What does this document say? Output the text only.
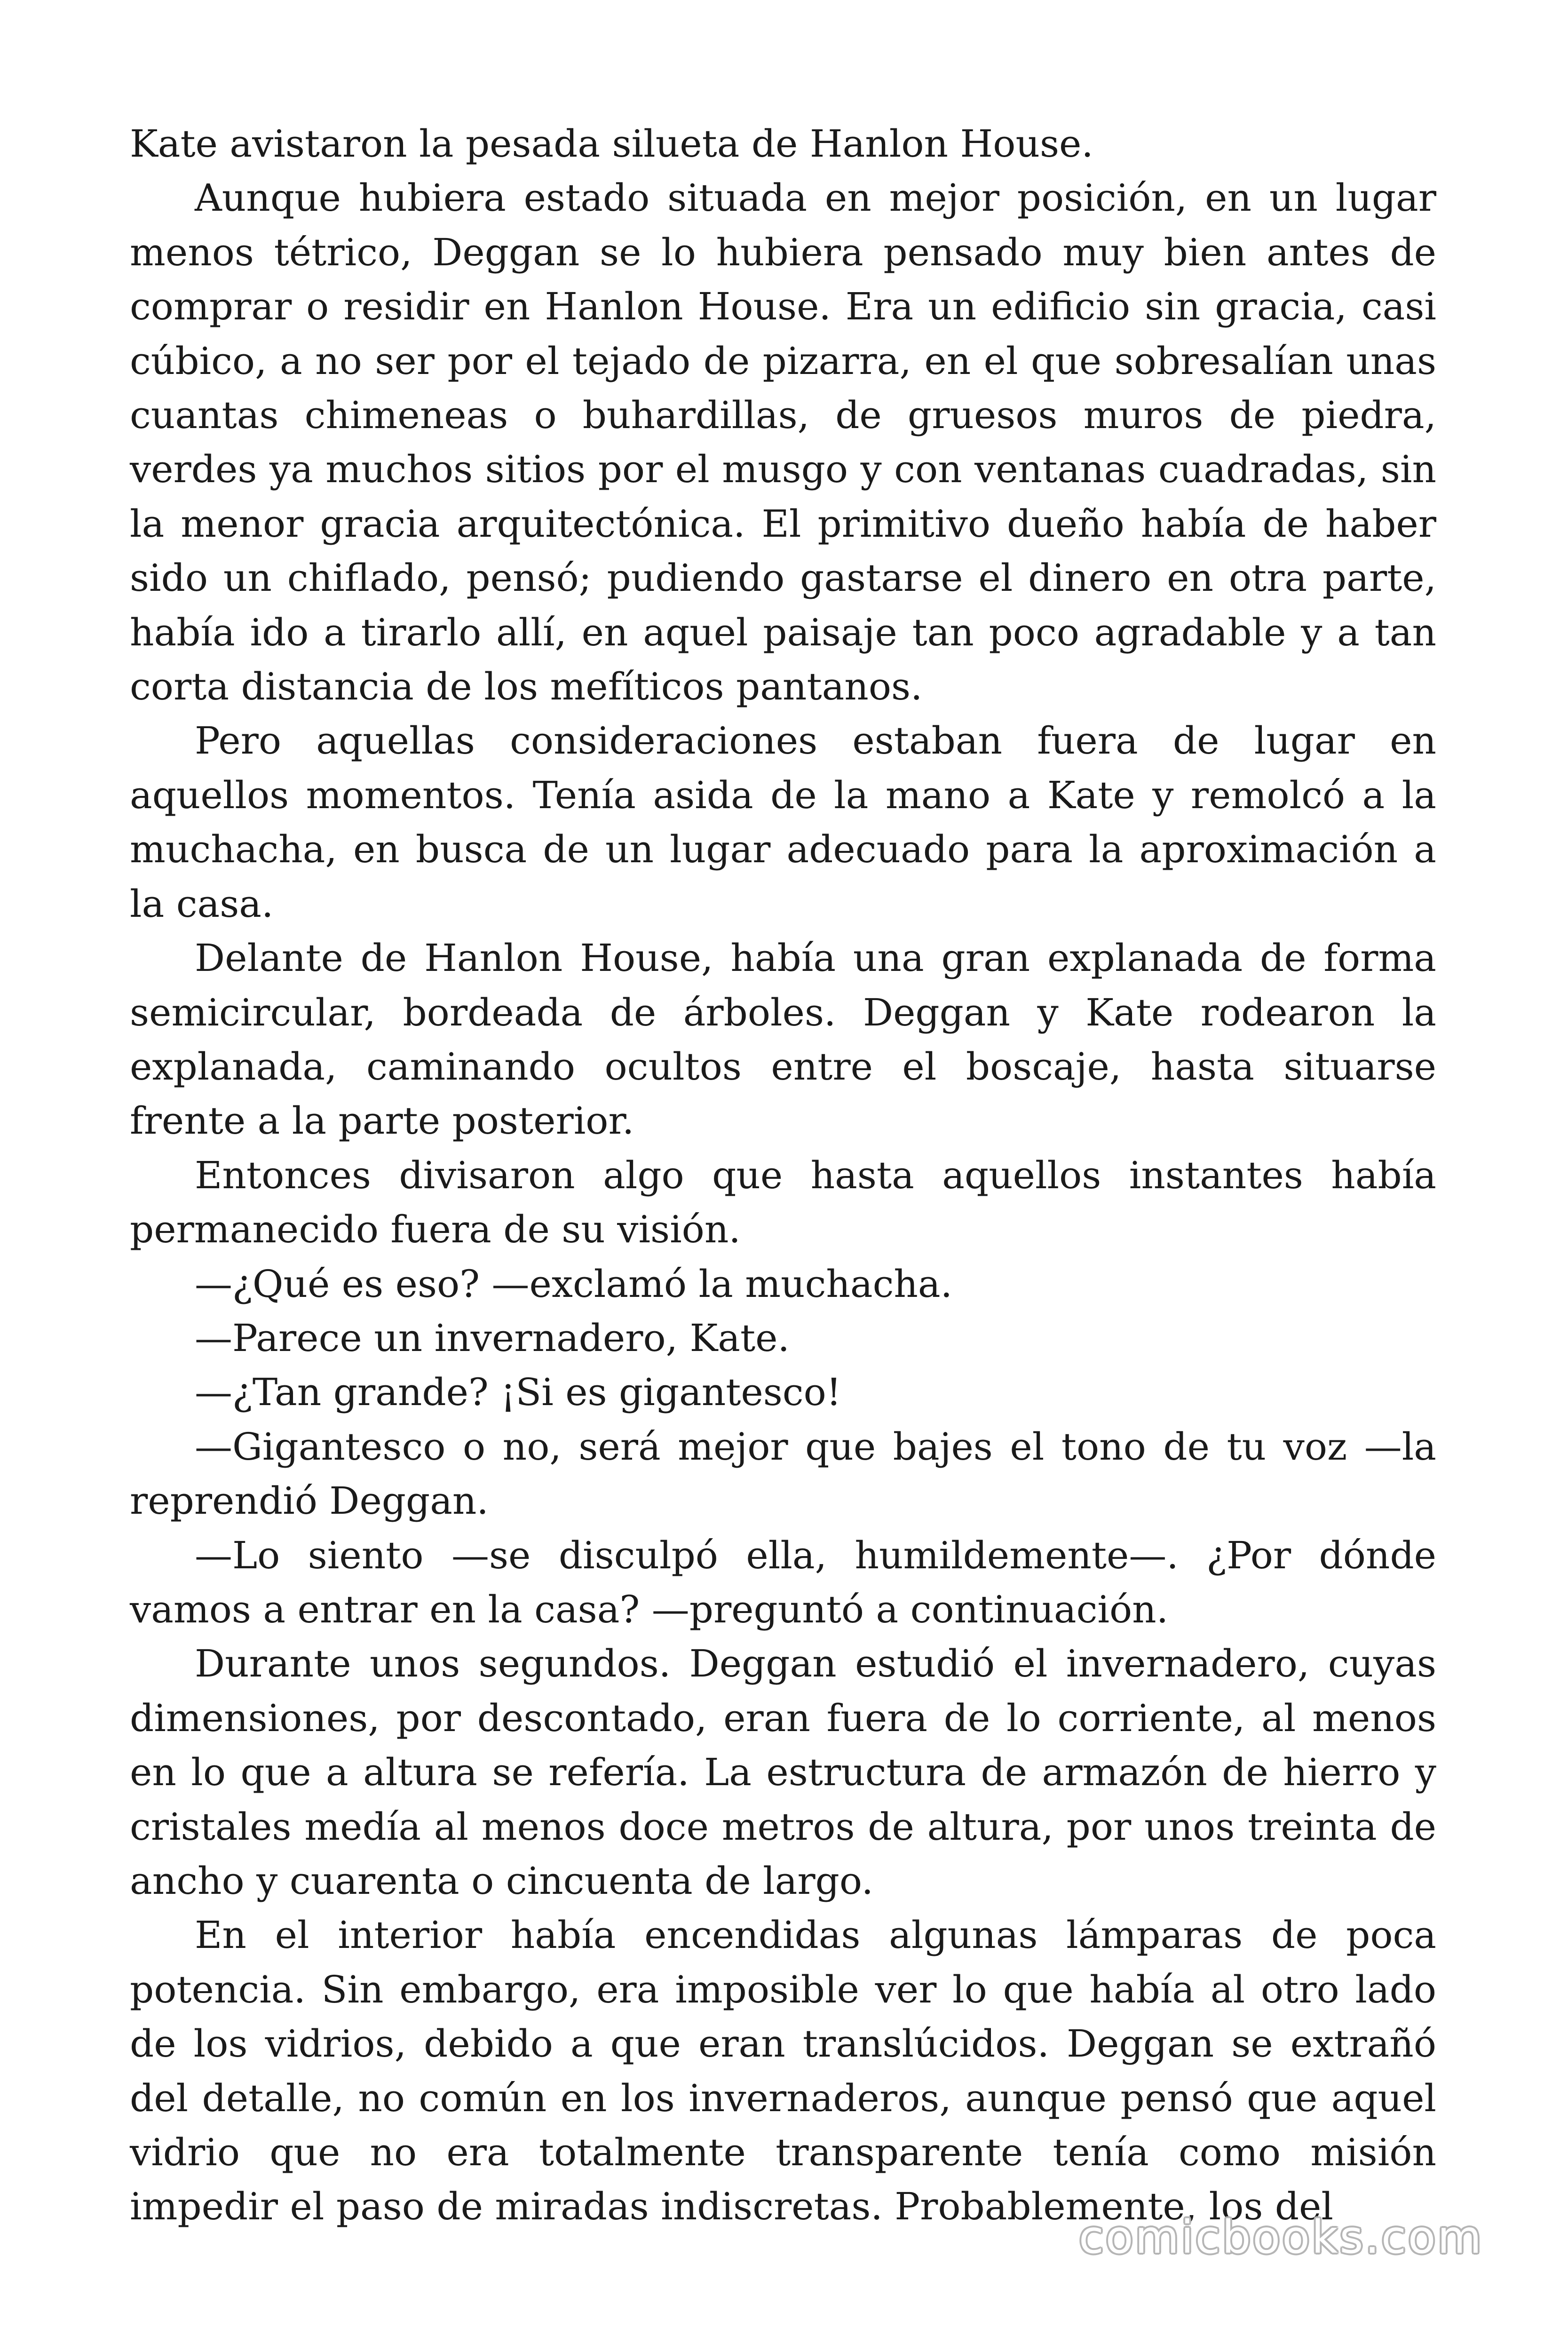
Kate avistaron la pesada silueta de Hanlon House.

Aunque hubiera estado situada en mejor posición, en un lugar menos tétrico, Deggan se lo hubiera pensado muy bien antes de comprar o residir en Hanlon House. Era un edificio sin gracia, casi cúbico, a no ser por el tejado de pizarra, en el que sobresalían unas cuantas chimeneas o buhardillas, de gruesos muros de piedra, verdes ya muchos sitios por el musgo y con ventanas cuadradas, sin la menor gracia arquitectónica. El primitivo dueño había de haber sido un chiflado, pensó; pudiendo gastarse el dinero en otra parte, había ido a tirarlo allí, en aquel paisaje tan poco agradable y a tan corta distancia de los mefíticos pantanos.

Pero aquellas consideraciones estaban fuera de lugar en aquellos momentos. Tenía asida de la mano a Kate y remolcó a la muchacha, en busca de un lugar adecuado para la aproximación a la casa.

Delante de Hanlon House, había una gran explanada de forma semicircular, bordeada de árboles. Deggan y Kate rodearon la explanada, caminando ocultos entre el boscaje, hasta situarse frente a la parte posterior.

Entonces divisaron algo que hasta aquellos instantes había permanecido fuera de su visión.

—¿Qué es eso? —exclamó la muchacha.

—Parece un invernadero, Kate.

—¿Tan grande? ¡Si es gigantesco!

—Gigantesco o no, será mejor que bajes el tono de tu voz —la reprendió Deggan.

—Lo siento —se disculpó ella, humildemente—. ¿Por dónde vamos a entrar en la casa? —preguntó a continuación.

Durante unos segundos. Deggan estudió el invernadero, cuyas dimensiones, por descontado, eran fuera de lo corriente, al menos en lo que a altura se refería. La estructura de armazón de hierro y cristales medía al menos doce metros de altura, por unos treinta de ancho y cuarenta o cincuenta de largo.

En el interior había encendidas algunas lámparas de poca potencia. Sin embargo, era imposible ver lo que había al otro lado de los vidrios, debido a que eran translúcidos. Deggan se extrañó del detalle, no común en los invernaderos, aunque pensó que aquel vidrio que no era totalmente transparente tenía como misión impedir el paso de miradas indiscretas. Probablemente, los del

comicbooks.com
